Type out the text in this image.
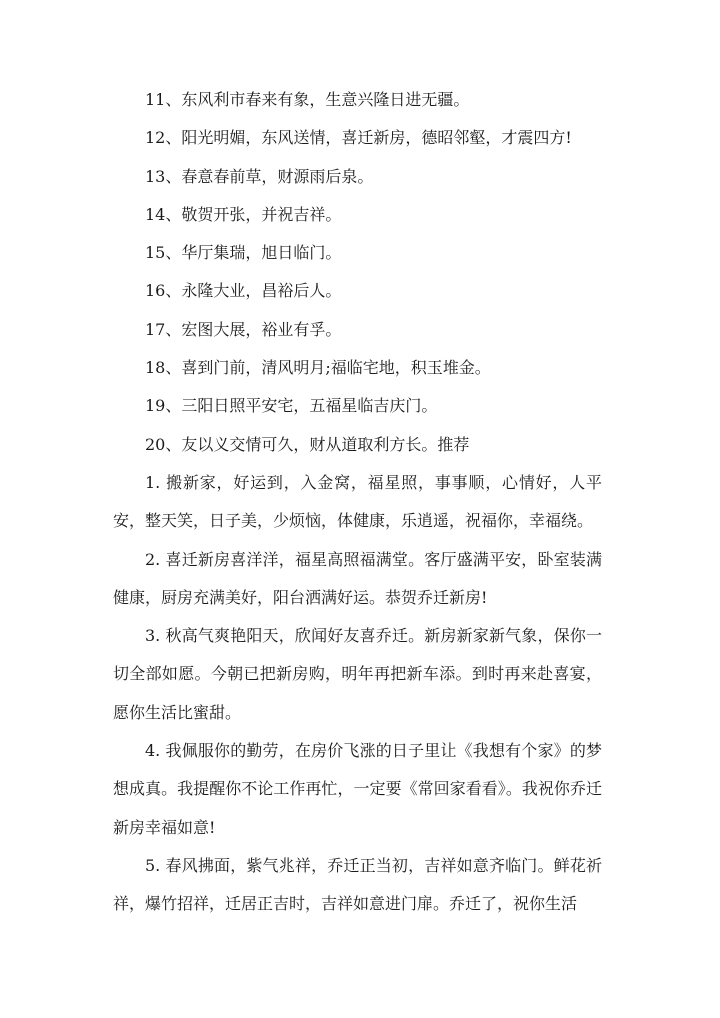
11、东风利市春来有象，生意兴隆日进无疆。
12、阳光明媚，东风送情，喜迁新房，德昭邻壑，才震四方!
13、春意春前草，财源雨后泉。
14、敬贺开张，并祝吉祥。
15、华厅集瑞，旭日临门。
16、永隆大业，昌裕后人。
17、宏图大展，裕业有孚。
18、喜到门前，清风明月;福临宅地，积玉堆金。
19、三阳日照平安宅，五福星临吉庆门。
20、友以义交情可久，财从道取利方长。推荐

1. 搬新家，好运到，入金窝，福星照，事事顺，心情好，人平安，整天笑，日子美，少烦恼，体健康，乐逍遥，祝福你，幸福绕。

2. 喜迁新房喜洋洋，福星高照福满堂。客厅盛满平安，卧室装满健康，厨房充满美好，阳台洒满好运。恭贺乔迁新房!

3. 秋高气爽艳阳天，欣闻好友喜乔迁。新房新家新气象，保你一切全部如愿。今朝已把新房购，明年再把新车添。到时再来赴喜宴，愿你生活比蜜甜。

4. 我佩服你的勤劳，在房价飞涨的日子里让《我想有个家》的梦想成真。我提醒你不论工作再忙，一定要《常回家看看》。我祝你乔迁新房幸福如意!

5. 春风拂面，紫气兆祥，乔迁正当初，吉祥如意齐临门。鲜花祈祥，爆竹招祥，迁居正吉时，吉祥如意进门扉。乔迁了，祝你生活
